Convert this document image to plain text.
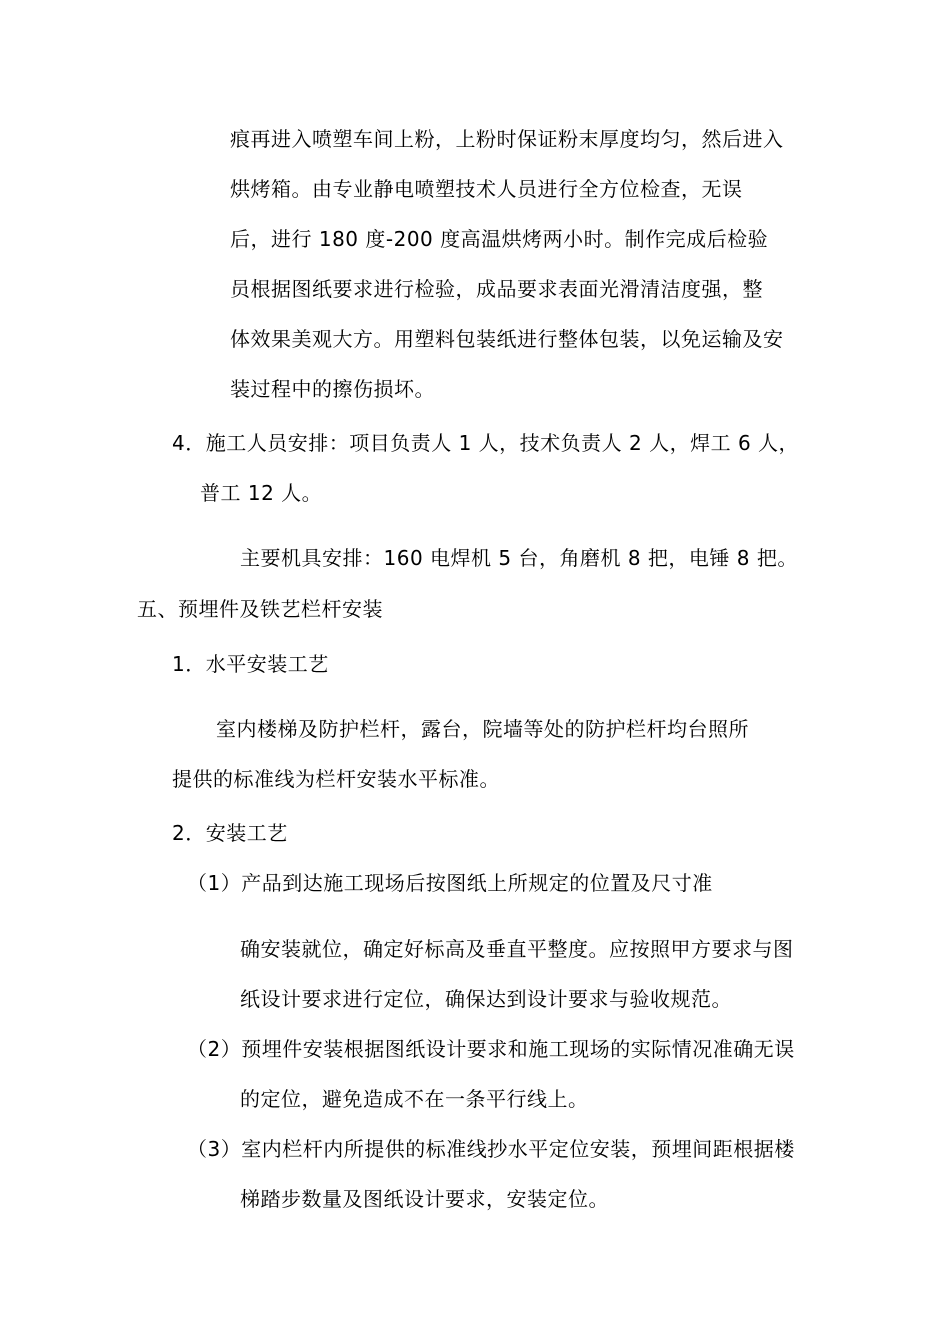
痕再进入喷塑车间上粉，上粉时保证粉末厚度均匀，然后进入
烘烤箱。由专业静电喷塑技术人员进行全方位检查，无误
后，进行 180 度-200 度高温烘烤两小时。制作完成后检验
员根据图纸要求进行检验，成品要求表面光滑清洁度强，整
体效果美观大方。用塑料包装纸进行整体包装，以免运输及安
装过程中的擦伤损坏。
4．施工人员安排：项目负责人 1 人，技术负责人 2 人，焊工 6 人，
普工 12 人。
主要机具安排：160 电焊机 5 台，角磨机 8 把，电锤 8 把。
五、预埋件及铁艺栏杆安装
1．水平安装工艺
室内楼梯及防护栏杆，露台，院墙等处的防护栏杆均台照所
提供的标准线为栏杆安装水平标准。
2．安装工艺
（1）产品到达施工现场后按图纸上所规定的位置及尺寸准
确安装就位，确定好标高及垂直平整度。应按照甲方要求与图
纸设计要求进行定位，确保达到设计要求与验收规范。
（2）预埋件安装根据图纸设计要求和施工现场的实际情况准确无误
的定位，避免造成不在一条平行线上。
（3）室内栏杆内所提供的标准线抄水平定位安装，预埋间距根据楼
梯踏步数量及图纸设计要求，安装定位。
